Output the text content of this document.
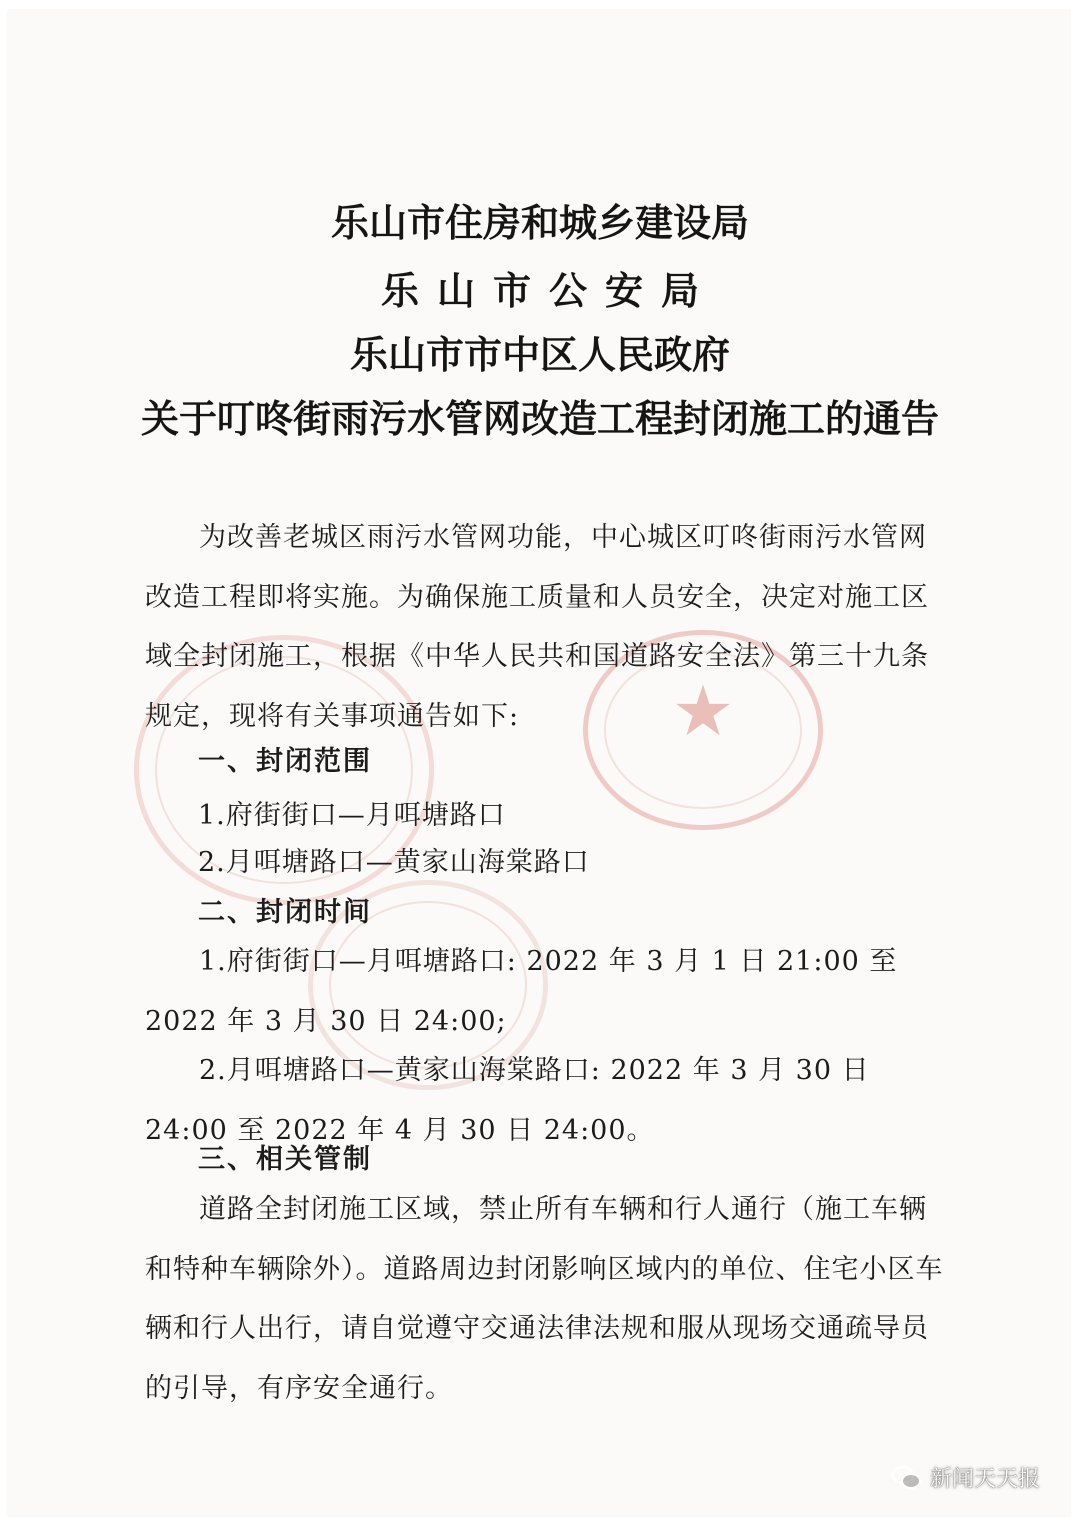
★
乐山市住房和城乡建设局
乐山市公安局
乐山市市中区人民政府
关于叮咚街雨污水管网改造工程封闭施工的通告

为改善老城区雨污水管网功能，中心城区叮咚街雨污水管网改造工程即将实施。为确保施工质量和人员安全，决定对施工区域全封闭施工，根据《中华人民共和国道路安全法》第三十九条规定，现将有关事项通告如下:

一、封闭范围

1.府街街口—月咡塘路口

2.月咡塘路口—黄家山海棠路口

二、封闭时间

1.府街街口—月咡塘路口: 2022 年 3 月 1 日 21:00 至 2022 年 3 月 30 日 24:00;

2.月咡塘路口—黄家山海棠路口: 2022 年 3 月 30 日 24:00 至 2022 年 4 月 30 日 24:00。

三、相关管制

道路全封闭施工区域，禁止所有车辆和行人通行（施工车辆和特种车辆除外）。道路周边封闭影响区域内的单位、住宅小区车辆和行人出行，请自觉遵守交通法律法规和服从现场交通疏导员的引导，有序安全通行。

新闻天天报
